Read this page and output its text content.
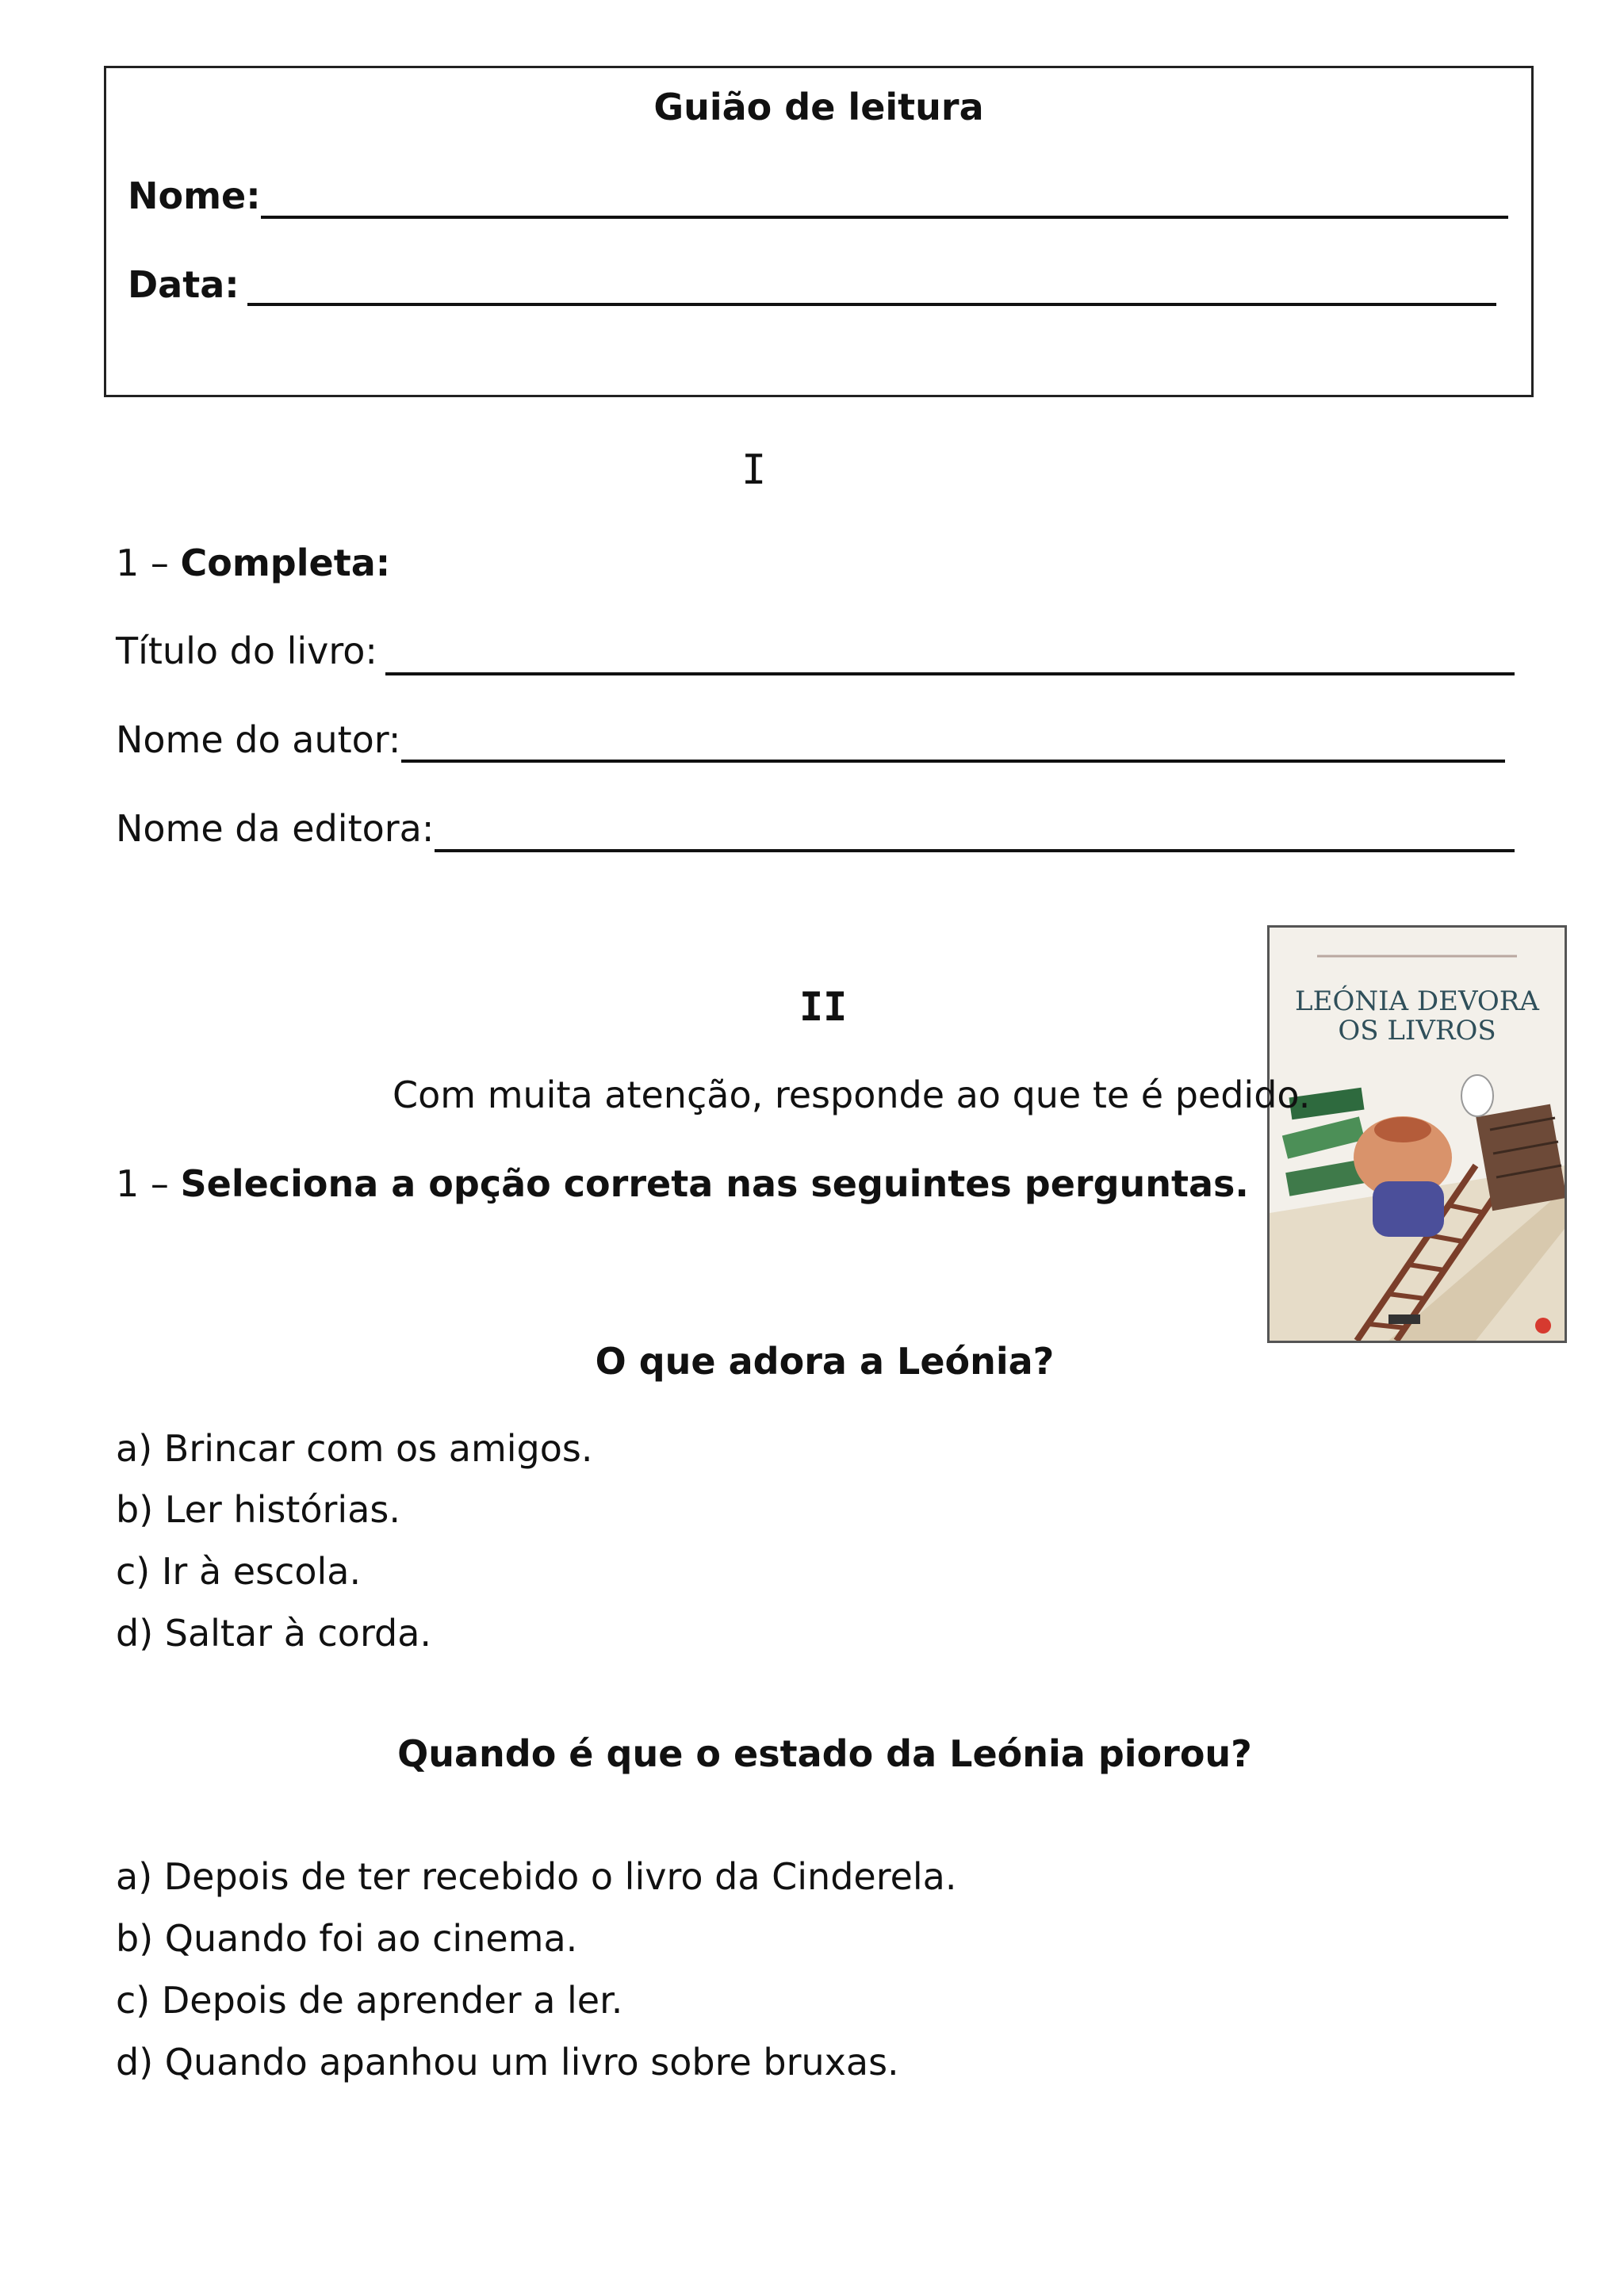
Guião de leitura
Nome:
Data:
I
1 – Completa:
Título do livro:
Nome do autor:
Nome da editora:
LEÓNIA DEVORA
OS LIVROS
II
Com muita atenção, responde ao que te é pedido.
1 – Seleciona a opção correta nas seguintes perguntas.
O que adora a Leónia?
a) Brincar com os amigos.
b) Ler histórias.
c) Ir à escola.
d) Saltar à corda.
Quando é que o estado da Leónia piorou?
a) Depois de ter recebido o livro da Cinderela.
b) Quando foi ao cinema.
c) Depois de aprender a ler.
d) Quando apanhou um livro sobre bruxas.
